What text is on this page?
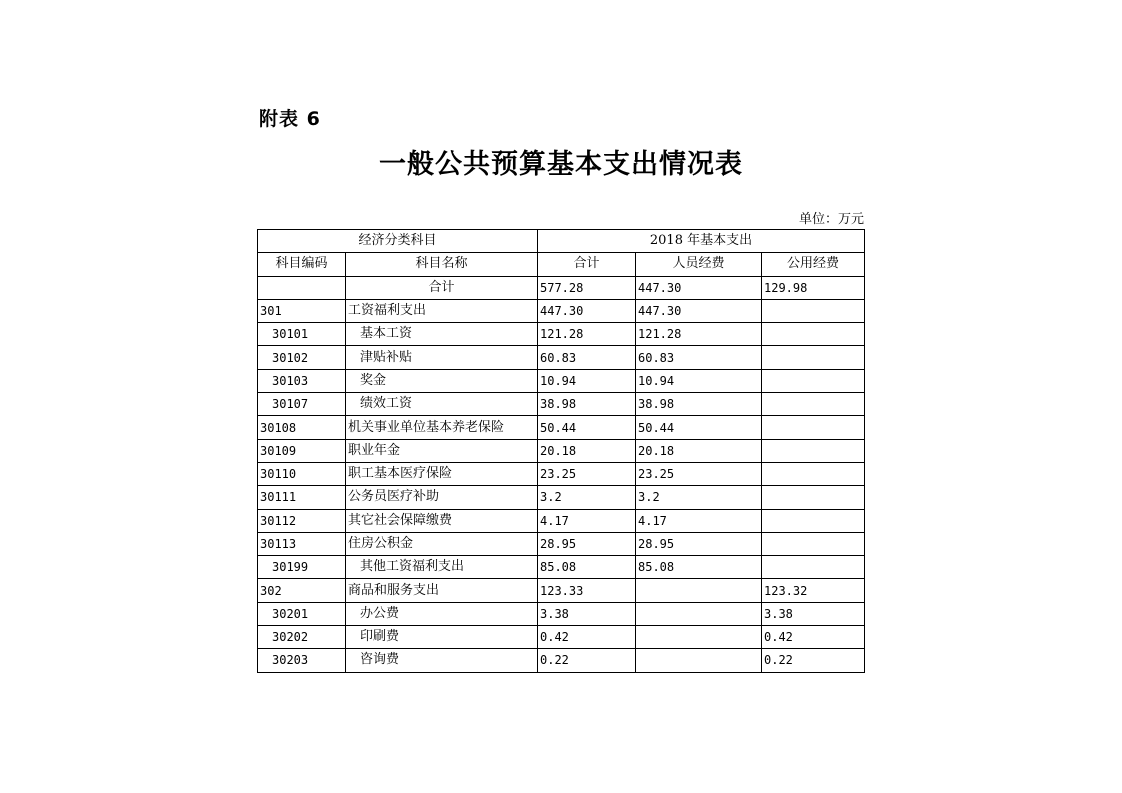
附表 6
一般公共预算基本支出情况表
单位：万元
经济分类科目		2018 年基本支出		
科目编码	科目名称	合计	人员经费	公用经费
	合计	577.28	447.30	129.98
301	工资福利支出	447.30	447.30	
30101	基本工资	121.28	121.28	
30102	津贴补贴	60.83	60.83	
30103	奖金	10.94	10.94	
30107	绩效工资	38.98	38.98	
30108	机关事业单位基本养老保险	50.44	50.44	
30109	职业年金	20.18	20.18	
30110	职工基本医疗保险	23.25	23.25	
30111	公务员医疗补助	3.2	3.2	
30112	其它社会保障缴费	4.17	4.17	
30113	住房公积金	28.95	28.95	
30199	其他工资福利支出	85.08	85.08	
302	商品和服务支出	123.33		123.32
30201	办公费	3.38		3.38
30202	印刷费	0.42		0.42
30203	咨询费	0.22		0.22
